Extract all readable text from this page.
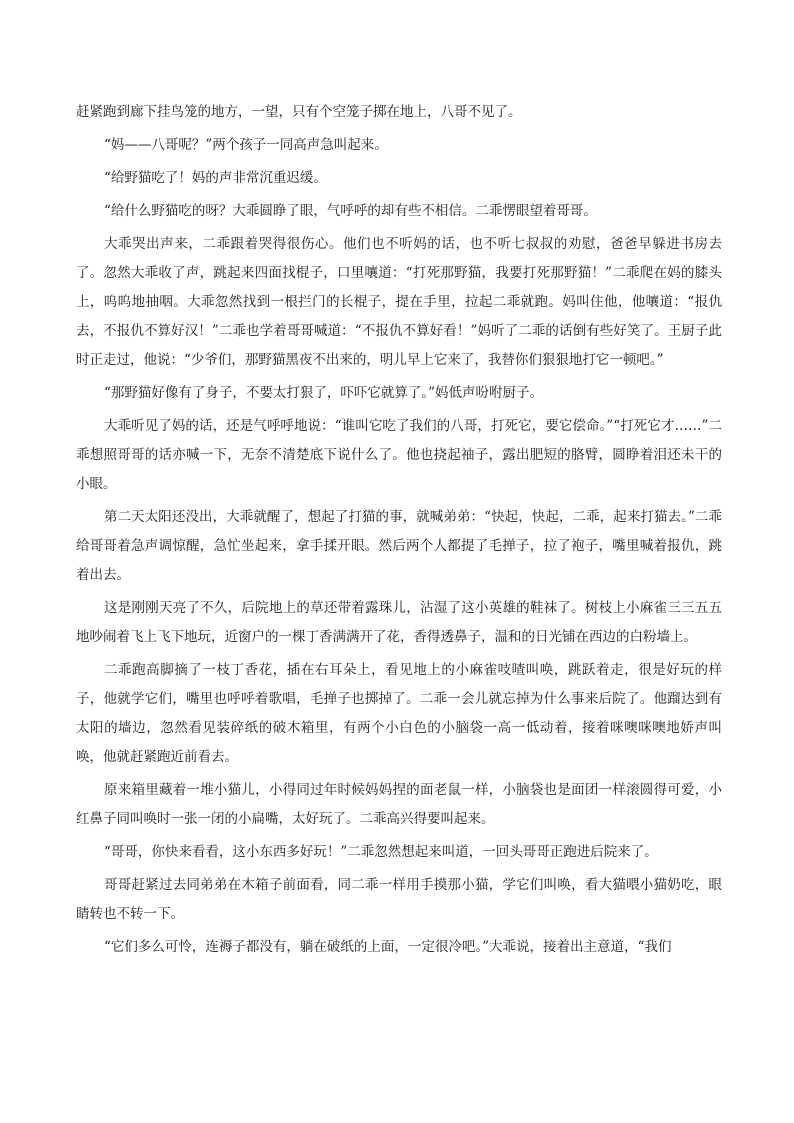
赶紧跑到廊下挂鸟笼的地方，一望，只有个空笼子掷在地上，八哥不见了。

“妈——八哥呢？”两个孩子一同高声急叫起来。

“给野猫吃了！妈的声非常沉重迟缓。

“给什么野猫吃的呀？大乖圆睁了眼，气呼呼的却有些不相信。二乖愣眼望着哥哥。

大乖哭出声来，二乖跟着哭得很伤心。他们也不听妈的话，也不听七叔叔的劝慰，爸爸早躲进书房去了。忽然大乖收了声，跳起来四面找棍子，口里嚷道：“打死那野猫，我要打死那野猫！”二乖爬在妈的膝头上，呜呜地抽咽。大乖忽然找到一根拦门的长棍子，提在手里，拉起二乖就跑。妈叫住他，他嚷道：“报仇去，不报仇不算好汉！”二乖也学着哥哥喊道：“不报仇不算好看！”妈听了二乖的话倒有些好笑了。王厨子此时正走过，他说：“少爷们，那野猫黑夜不出来的，明儿早上它来了，我替你们狠狠地打它一顿吧。”

“那野猫好像有了身子，不要太打狠了，吓吓它就算了。”妈低声吩咐厨子。

大乖听见了妈的话，还是气呼呼地说：“谁叫它吃了我们的八哥，打死它，要它偿命。”“打死它才……”二乖想照哥哥的话亦喊一下，无奈不清楚底下说什么了。他也挠起袖子，露出肥短的胳臂，圆睁着泪还未干的小眼。

第二天太阳还没出，大乖就醒了，想起了打猫的事，就喊弟弟：“快起，快起，二乖，起来打猫去。”二乖给哥哥着急声调惊醒，急忙坐起来，拿手揉开眼。然后两个人都提了毛掸子，拉了袍子，嘴里喊着报仇，跳着出去。

这是刚刚天亮了不久，后院地上的草还带着露珠儿，沾湿了这小英雄的鞋袜了。树枝上小麻雀三三五五地吵闹着飞上飞下地玩，近窗户的一棵丁香满满开了花，香得透鼻子，温和的日光铺在西边的白粉墙上。

二乖跑高脚摘了一枝丁香花，插在右耳朵上，看见地上的小麻雀吱喳叫唤，跳跃着走，很是好玩的样子，他就学它们，嘴里也呼呼着歌唱，毛掸子也掷掉了。二乖一会儿就忘掉为什么事来后院了。他蹓达到有太阳的墙边，忽然看见装碎纸的破木箱里，有两个小白色的小脑袋一高一低动着，接着咪噢咪噢地娇声叫唤，他就赶紧跑近前看去。

原来箱里藏着一堆小猫儿，小得同过年时候妈妈捏的面老鼠一样，小脑袋也是面团一样滚圆得可爱，小红鼻子同叫唤时一张一闭的小扁嘴，太好玩了。二乖高兴得要叫起来。

“哥哥，你快来看看，这小东西多好玩！”二乖忽然想起来叫道，一回头哥哥正跑进后院来了。

哥哥赶紧过去同弟弟在木箱子前面看，同二乖一样用手摸那小猫，学它们叫唤，看大猫喂小猫奶吃，眼睛转也不转一下。

“它们多么可怜，连褥子都没有，躺在破纸的上面，一定很冷吧。”大乖说，接着出主意道，“我们
